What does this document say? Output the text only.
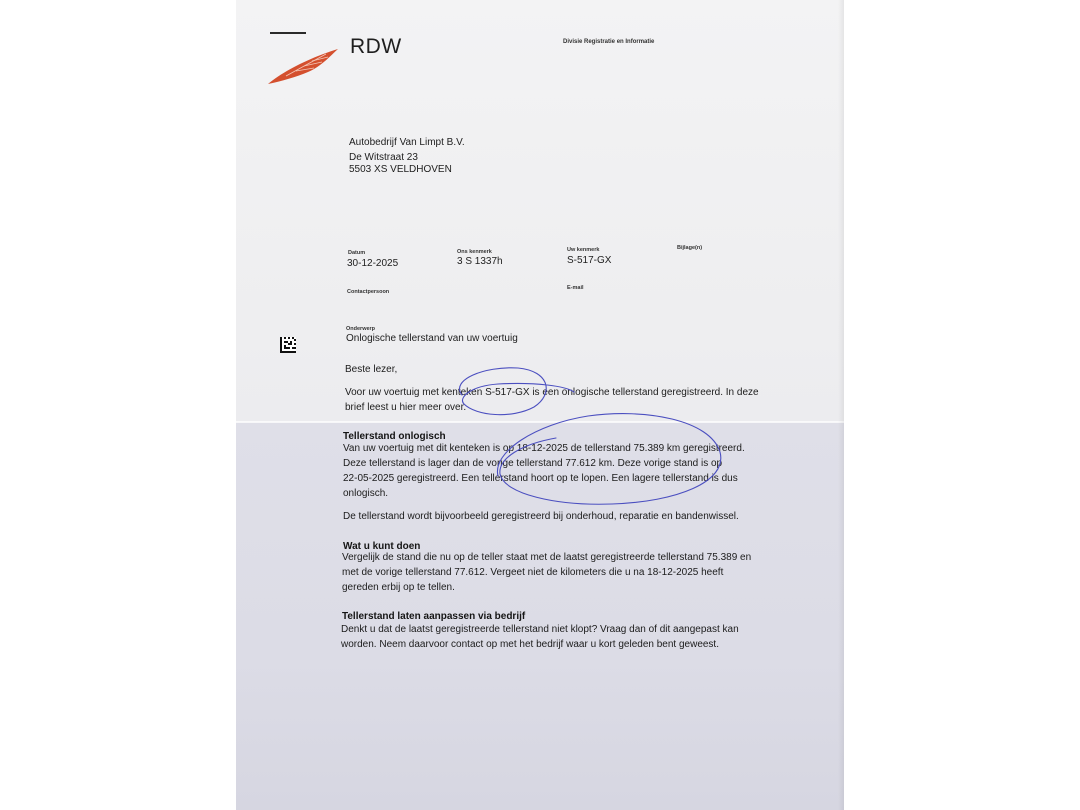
RDW	Divisie Registratie en Informatie
Autobedrijf Van Limpt B.V.
De Witstraat 23
5503 XS VELDHOVEN
Datum
30-12-2025
Ons kenmerk
3 S 1337h
Uw kenmerk
S-517-GX
Bijlage(n)
Contactpersoon
E-mail
Onderwerp
Onlogische tellerstand van uw voertuig
Beste lezer,
Voor uw voertuig met kenteken S-517-GX is een onlogische tellerstand geregistreerd. In deze
brief leest u hier meer over.
Tellerstand onlogisch
Van uw voertuig met dit kenteken is op 18-12-2025 de tellerstand 75.389 km geregistreerd.
Deze tellerstand is lager dan de vorige tellerstand 77.612 km. Deze vorige stand is op
22-05-2025 geregistreerd. Een tellerstand hoort op te lopen. Een lagere tellerstand is dus
onlogisch.
De tellerstand wordt bijvoorbeeld geregistreerd bij onderhoud, reparatie en bandenwissel.
Wat u kunt doen
Vergelijk de stand die nu op de teller staat met de laatst geregistreerde tellerstand 75.389 en
met de vorige tellerstand 77.612. Vergeet niet de kilometers die u na 18-12-2025 heeft
gereden erbij op te tellen.
Tellerstand laten aanpassen via bedrijf
Denkt u dat de laatst geregistreerde tellerstand niet klopt? Vraag dan of dit aangepast kan
worden. Neem daarvoor contact op met het bedrijf waar u kort geleden bent geweest.
